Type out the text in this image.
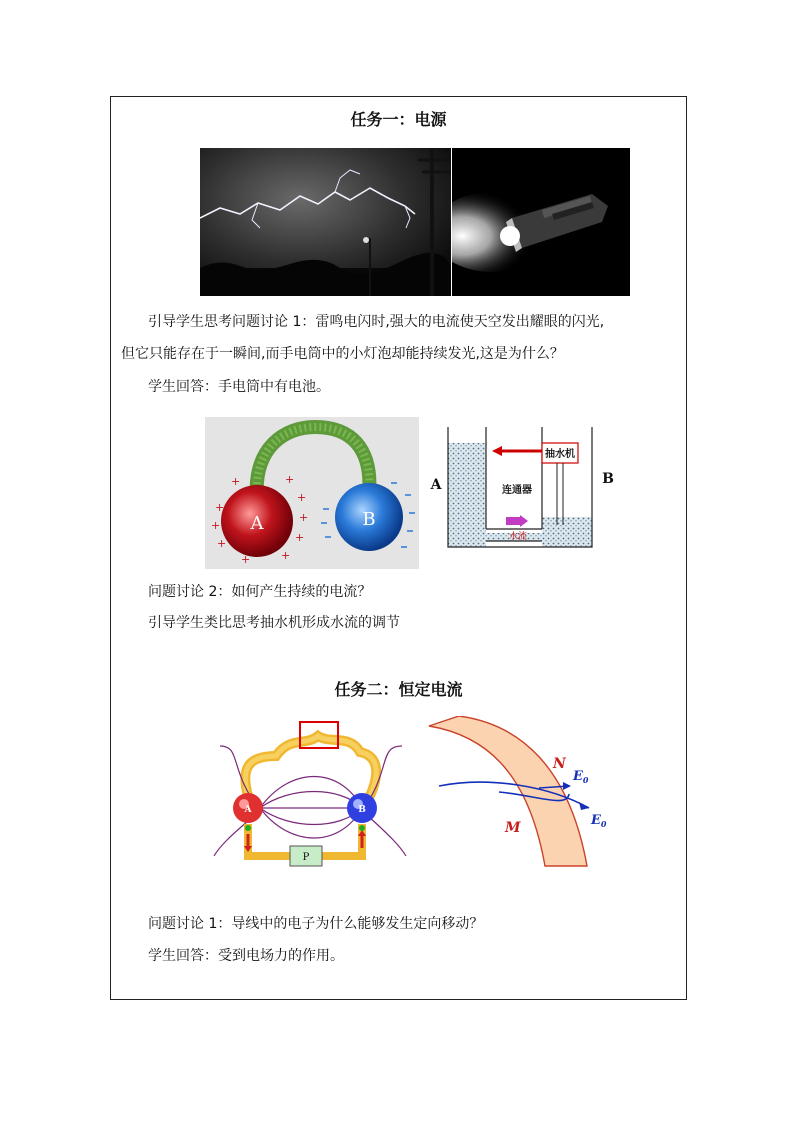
任务一：电源
引导学生思考问题讨论 1：雷鸣电闪时,强大的电流使天空发出耀眼的闪光,
但它只能存在于一瞬间,而手电筒中的小灯泡却能持续发光,这是为什么？
学生回答：手电筒中有电池。
+
+
+
+	+
+
+
+
+
+
A	B
抽水机
连通器
水流
A	B
问题讨论 2：如何产生持续的电流？
引导学生类比思考抽水机形成水流的调节
任务二：恒定电流
A	B
P
N
M
$E_0$
$E_0$
问题讨论 1：导线中的电子为什么能够发生定向移动？
学生回答：受到电场力的作用。
